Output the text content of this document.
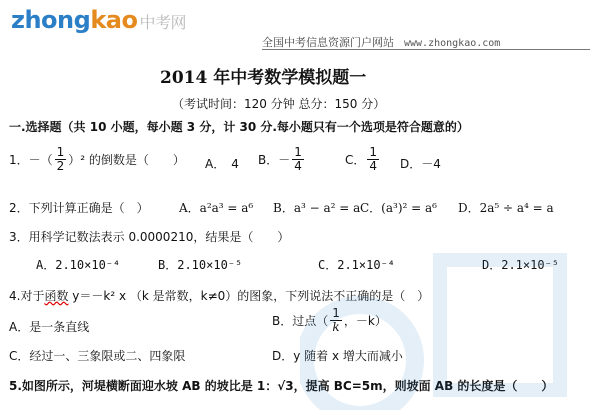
zhongkao 中考网
全国中考信息资源门户网站 www.zhongkao.com
2014 年中考数学模拟题一
（考试时间：120 分钟 总分：150 分）
一.选择题（共 10 小题，每小题 3 分，计 30 分.每小题只有一个选项是符合题意的）
1．－（ $\frac{1}{2} )^2$ 的倒数是（　　） A．　4 B．－ $\frac{1}{4}$	C． $\frac{1}{4}$ D．－4
2．下列计算正确是（　）	A．a²a³ = a⁶ B．a³ − a² = a C．(a³)² = a⁶ D．2a⁵ ÷ a⁴ = a
3．用科学记数法表示 0.0000210，结果是（　　）
A．2.10×10⁻⁴	B．2.10×10⁻⁵	C．2.1×10⁻⁴	D．2.1×10⁻⁵
4.对于函数 y＝－k² x （k 是常数，k≠0）的图象，下列说法不正确的是（　）
A．是一条直线	B．过点（ $\frac{1}{k}$ ，－k）
C．经过一、三象限或二、四象限	D．y 随着 x 增大而减小
5.如图所示，河堤横断面迎水坡 AB 的坡比是 1：√3，提高 BC=5m，则坡面 AB 的长度是（　　）
